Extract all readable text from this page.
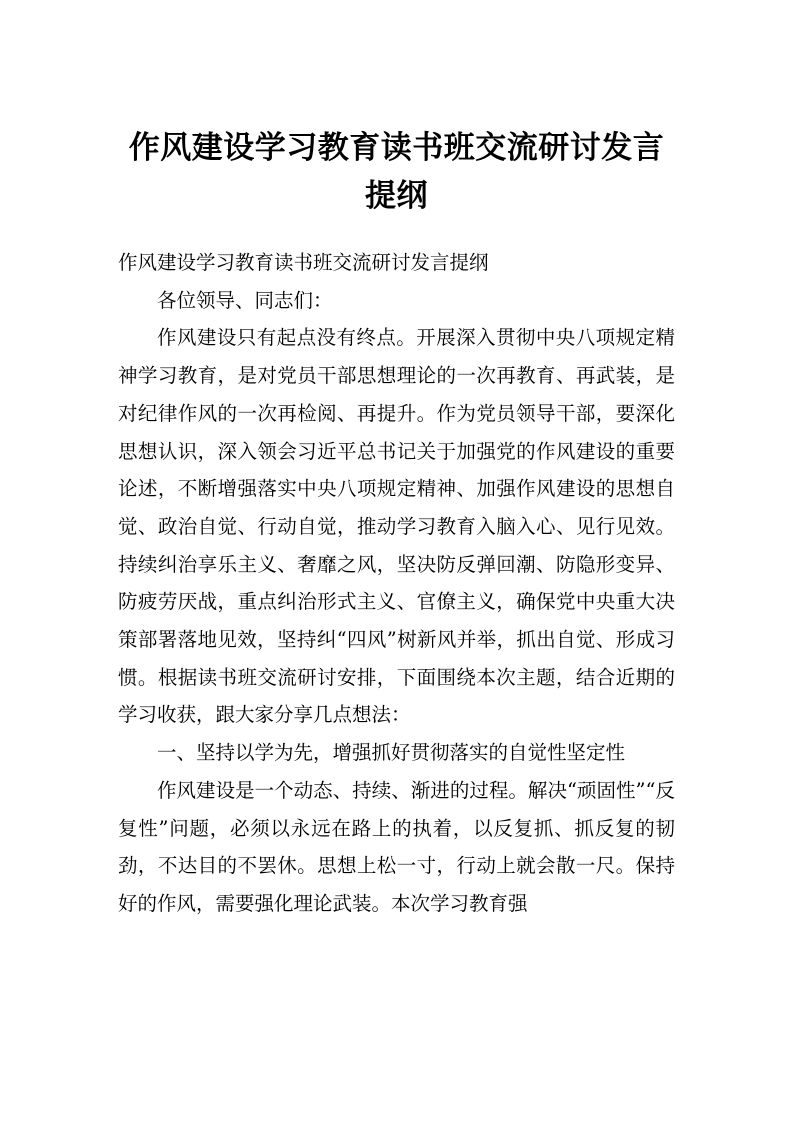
作风建设学习教育读书班交流研讨发言提纲

作风建设学习教育读书班交流研讨发言提纲

各位领导、同志们：

作风建设只有起点没有终点。开展深入贯彻中央八项规定精神学习教育，是对党员干部思想理论的一次再教育、再武装，是对纪律作风的一次再检阅、再提升。作为党员领导干部，要深化思想认识，深入领会习近平总书记关于加强党的作风建设的重要论述，不断增强落实中央八项规定精神、加强作风建设的思想自觉、政治自觉、行动自觉，推动学习教育入脑入心、见行见效。持续纠治享乐主义、奢靡之风，坚决防反弹回潮、防隐形变异、防疲劳厌战，重点纠治形式主义、官僚主义，确保党中央重大决策部署落地见效，坚持纠“四风”树新风并举，抓出自觉、形成习惯。根据读书班交流研讨安排，下面围绕本次主题，结合近期的学习收获，跟大家分享几点想法：

一、坚持以学为先，增强抓好贯彻落实的自觉性坚定性

作风建设是一个动态、持续、渐进的过程。解决“顽固性”“反复性”问题，必须以永远在路上的执着，以反复抓、抓反复的韧劲，不达目的不罢休。思想上松一寸，行动上就会散一尺。保持好的作风，需要强化理论武装。本次学习教育强
